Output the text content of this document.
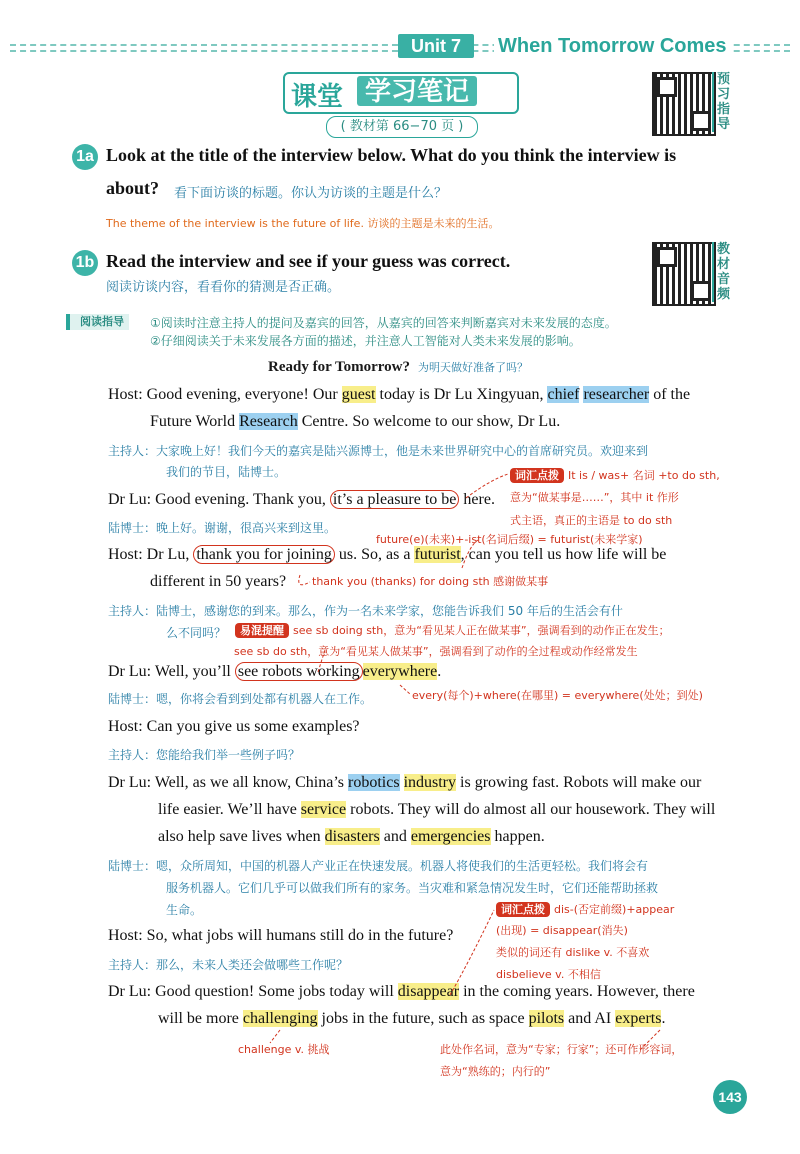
Unit 7	When Tomorrow Comes
课堂 学习笔记
( 教材第 66−70 页 )
预
习
指
导
1a Look at the title of the interview below. What do you think the interview is
about? 看下面访谈的标题。你认为访谈的主题是什么？
The theme of the interview is the future of life. 访谈的主题是未来的生活。
1b Read the interview and see if your guess was correct.
阅读访谈内容，看看你的猜测是否正确。
教
材
音
频
阅读指导	①阅读时注意主持人的提问及嘉宾的回答，从嘉宾的回答来判断嘉宾对未来发展的态度。
②仔细阅读关于未来发展各方面的描述，并注意人工智能对人类未来发展的影响。
Ready for Tomorrow? 为明天做好准备了吗？
Host: Good evening, everyone! Our guest today is Dr Lu Xingyuan, chief researcher of the
Future World Research Centre. So welcome to our show, Dr Lu.
主持人：大家晚上好！我们今天的嘉宾是陆兴源博士，他是未来世界研究中心的首席研究员。欢迎来到
我们的节目，陆博士。
Dr Lu: Good evening. Thank you, it’s a pleasure to be here.
陆博士：晚上好。谢谢，很高兴来到这里。
Host: Dr Lu, thank you for joining us. So, as a futurist, can you tell us how life will be
different in 50 years?
主持人：陆博士，感谢您的到来。那么，作为一名未来学家，您能告诉我们 50 年后的生活会有什
么不同吗？
Dr Lu: Well, you’ll see robots working everywhere.
陆博士：嗯，你将会看到到处都有机器人在工作。
Host: Can you give us some examples?
主持人：您能给我们举一些例子吗？
Dr Lu: Well, as we all know, China’s robotics industry is growing fast. Robots will make our
life easier. We’ll have service robots. They will do almost all our housework. They will
also help save lives when disasters and emergencies happen.
陆博士：嗯，众所周知，中国的机器人产业正在快速发展。机器人将使我们的生活更轻松。我们将会有
服务机器人。它们几乎可以做我们所有的家务。当灾难和紧急情况发生时，它们还能帮助拯救
生命。
Host: So, what jobs will humans still do in the future?
主持人：那么，未来人类还会做哪些工作呢？
Dr Lu: Good question! Some jobs today will disappear in the coming years. However, there
will be more challenging jobs in the future, such as space pilots and AI experts.
词汇点拨 It is / was+ 名词 +to do sth,
意为“做某事是……”，其中 it 作形
式主语，真正的主语是 to do sth
future(e)(未来)+-ist(名词后缀) = futurist(未来学家)
thank you (thanks) for doing sth 感谢做某事
易混提醒 see sb doing sth，意为“看见某人正在做某事”，强调看到的动作正在发生；
see sb do sth，意为“看见某人做某事”，强调看到了动作的全过程或动作经常发生
every(每个)+where(在哪里) = everywhere(处处；到处)
词汇点拨 dis-(否定前缀)+appear
(出现) = disappear(消失)
类似的词还有 dislike v. 不喜欢
disbelieve v. 不相信
challenge v. 挑战	此处作名词，意为“专家；行家”；还可作形容词，
意为“熟练的；内行的”
143
